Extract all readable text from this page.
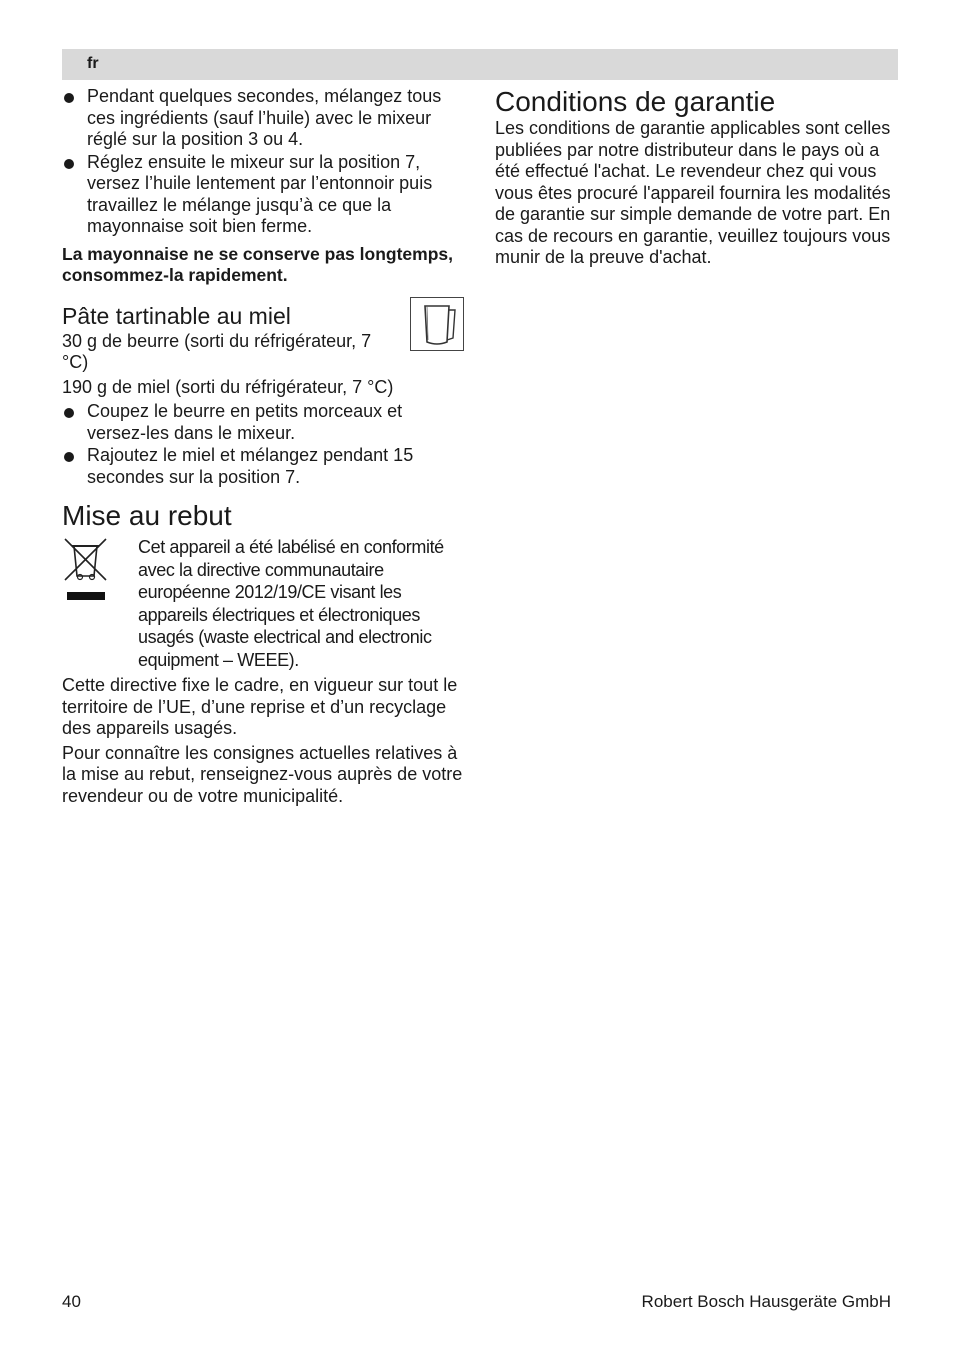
fr
Pendant quelques secondes, mélangez tous ces ingrédients (sauf l’huile) avec le mixeur réglé sur la position 3 ou 4.
Réglez ensuite le mixeur sur la position 7, versez l’huile lentement par l’entonnoir puis travaillez le mélange jusqu’à ce que la mayonnaise soit bien ferme.

La mayonnaise ne se conserve pas longtemps, consommez-la rapidement.

Pâte tartinable au miel

30 g de beurre (sorti du réfrigérateur, 7 °C)

190 g de miel (sorti du réfrigérateur, 7 °C)

Coupez le beurre en petits morceaux et versez-les dans le mixeur.
Rajoutez le miel et mélangez pendant 15 secondes sur la position 7.
Mise au rebut

Cet appareil a été labélisé en conformité avec la directive communautaire européenne 2012/19/CE visant les appareils électriques et électroniques usagés (waste electrical and electronic equipment – WEEE).

Cette directive fixe le cadre, en vigueur sur tout le territoire de l’UE, d’une reprise et d’un recyclage des appareils usagés.

Pour connaître les consignes actuelles relatives à la mise au rebut, renseignez-vous auprès de votre revendeur ou de votre municipalité.

Conditions de garantie

Les conditions de garantie applicables sont celles publiées par notre distributeur dans le pays où a été effectué l'achat. Le revendeur chez qui vous vous êtes procuré l'appareil fournira les modalités de garantie sur simple demande de votre part. En cas de recours en garantie, veuillez toujours vous munir de la preuve d'achat.

40	Robert Bosch Hausgeräte GmbH
